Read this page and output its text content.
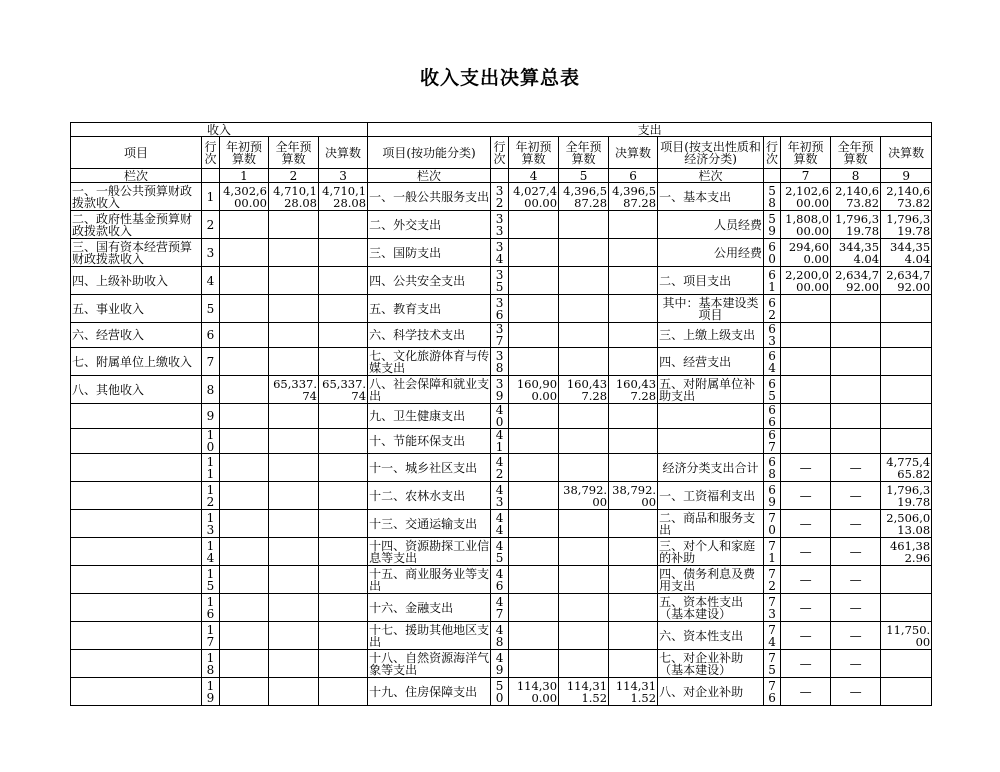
收入支出决算总表
收入					支出									
项目	行次	年初预算数	全年预算数	决算数	项目(按功能分类)	行次	年初预算数	全年预算数	决算数	项目(按支出性质和经济分类)	行次	年初预算数	全年预算数	决算数
栏次		1	2	3	栏次		4	5	6	栏次		7	8	9
一、一般公共预算财政拨款收入	1	4,302,600.00	4,710,128.08	4,710,128.08	一、一般公共服务支出	32	4,027,400.00	4,396,587.28	4,396,587.28	一、基本支出	58	2,102,600.00	2,140,673.82	2,140,673.82
二、政府性基金预算财政拨款收入	2				二、外交支出	33				人员经费	59	1,808,000.00	1,796,319.78	1,796,319.78
三、国有资本经营预算财政拨款收入	3				三、国防支出	34				公用经费	60	294,600.00	344,354.04	344,354.04
四、上级补助收入	4				四、公共安全支出	35				二、项目支出	61	2,200,000.00	2,634,792.00	2,634,792.00
五、事业收入	5				五、教育支出	36				其中：基本建设类项目	62			
六、经营收入	6				六、科学技术支出	37				三、上缴上级支出	63			
七、附属单位上缴收入	7				七、文化旅游体育与传媒支出	38				四、经营支出	64			
八、其他收入	8		65,337.74	65,337.74	八、社会保障和就业支出	39	160,900.00	160,437.28	160,437.28	五、对附属单位补助支出	65			
	9				九、卫生健康支出	40					66			
	10				十、节能环保支出	41					67			
	11				十一、城乡社区支出	42				经济分类支出合计	68	—	—	4,775,465.82
	12				十二、农林水支出	43		38,792.00	38,792.00	一、工资福利支出	69	—	—	1,796,319.78
	13				十三、交通运输支出	44				二、商品和服务支出	70	—	—	2,506,013.08
	14				十四、资源勘探工业信息等支出	45				三、对个人和家庭的补助	71	—	—	461,382.96
	15				十五、商业服务业等支出	46				四、债务利息及费用支出	72	—	—	
	16				十六、金融支出	47				五、资本性支出（基本建设）	73	—	—	
	17				十七、援助其他地区支出	48				六、资本性支出	74	—	—	11,750.00
	18				十八、自然资源海洋气象等支出	49				七、对企业补助（基本建设）	75	—	—	
	19				十九、住房保障支出	50	114,300.00	114,311.52	114,311.52	八、对企业补助	76	—	—	
